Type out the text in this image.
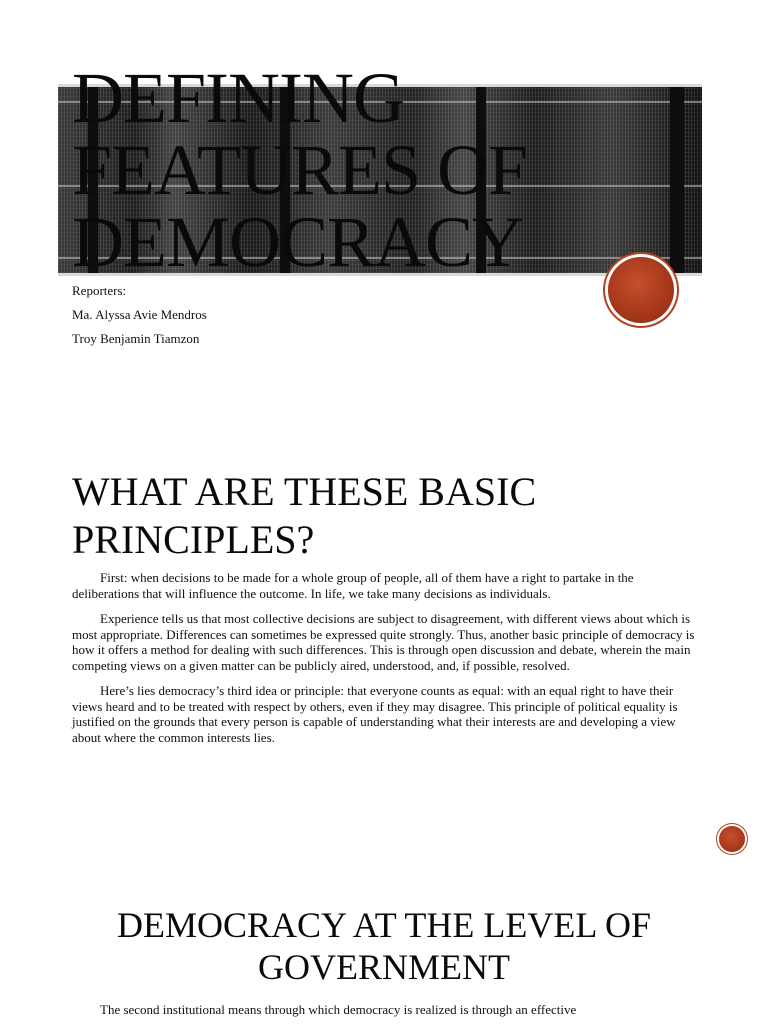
DEFINING
FEATURES OF
DEMOCRACY
Reporters:
Ma. Alyssa Avie Mendros
Troy Benjamin Tiamzon
WHAT ARE THESE BASIC PRINCIPLES?

First: when decisions to be made for a whole group of people, all of them have a right to partake in the deliberations that will influence the outcome. In life, we take many decisions as individuals.

Experience tells us that most collective decisions are subject to disagreement, with different views about which is most appropriate. Differences can sometimes be expressed quite strongly. Thus, another basic principle of democracy is how it offers a method for dealing with such differences. This is through open discussion and debate, wherein the main competing views on a given matter can be publicly aired, understood, and, if possible, resolved.

Here’s lies democracy’s third idea or principle: that everyone counts as equal: with an equal right to have their views heard and to be treated with respect by others, even if they may disagree. This principle of political equality is justified on the grounds that every person is capable of understanding what their interests are and developing a view about where the common interests lies.

DEMOCRACY AT THE LEVEL OF GOVERNMENT

The second institutional means through which democracy is realized is through an effective
